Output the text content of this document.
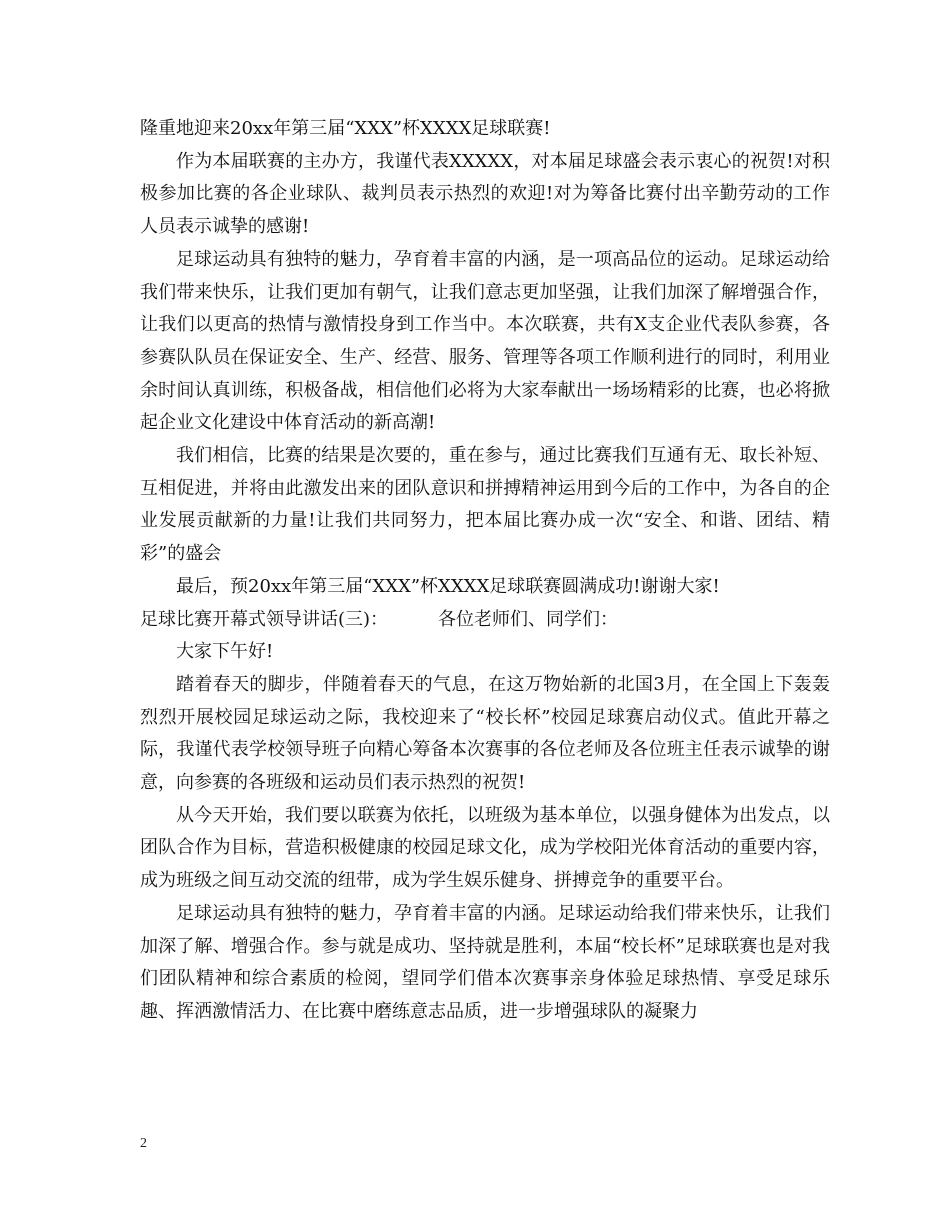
隆重地迎来20xx年第三届“XXX”杯XXXX足球联赛!

作为本届联赛的主办方，我谨代表XXXXX，对本届足球盛会表示衷心的祝贺!对积极参加比赛的各企业球队、裁判员表示热烈的欢迎!对为筹备比赛付出辛勤劳动的工作人员表示诚挚的感谢!

足球运动具有独特的魅力，孕育着丰富的内涵，是一项高品位的运动。足球运动给我们带来快乐，让我们更加有朝气，让我们意志更加坚强，让我们加深了解增强合作，让我们以更高的热情与激情投身到工作当中。本次联赛，共有X支企业代表队参赛，各参赛队队员在保证安全、生产、经营、服务、管理等各项工作顺利进行的同时，利用业余时间认真训练，积极备战，相信他们必将为大家奉献出一场场精彩的比赛，也必将掀起企业文化建设中体育活动的新高潮!

我们相信，比赛的结果是次要的，重在参与，通过比赛我们互通有无、取长补短、互相促进，并将由此激发出来的团队意识和拼搏精神运用到今后的工作中，为各自的企业发展贡献新的力量!让我们共同努力，把本届比赛办成一次“安全、和谐、团结、精彩”的盛会

最后，预20xx年第三届“XXX”杯XXXX足球联赛圆满成功!谢谢大家!

足球比赛开幕式领导讲话(三)：	各位老师们、同学们：

大家下午好!

踏着春天的脚步，伴随着春天的气息，在这万物始新的北国3月，在全国上下轰轰烈烈开展校园足球运动之际，我校迎来了“校长杯”校园足球赛启动仪式。值此开幕之际，我谨代表学校领导班子向精心筹备本次赛事的各位老师及各位班主任表示诚挚的谢意，向参赛的各班级和运动员们表示热烈的祝贺!

从今天开始，我们要以联赛为依托，以班级为基本单位，以强身健体为出发点，以团队合作为目标，营造积极健康的校园足球文化，成为学校阳光体育活动的重要内容，成为班级之间互动交流的纽带，成为学生娱乐健身、拼搏竞争的重要平台。

足球运动具有独特的魅力，孕育着丰富的内涵。足球运动给我们带来快乐，让我们加深了解、增强合作。参与就是成功、坚持就是胜利，本届“校长杯”足球联赛也是对我们团队精神和综合素质的检阅，望同学们借本次赛事亲身体验足球热情、享受足球乐趣、挥洒激情活力、在比赛中磨练意志品质，进一步增强球队的凝聚力

2
